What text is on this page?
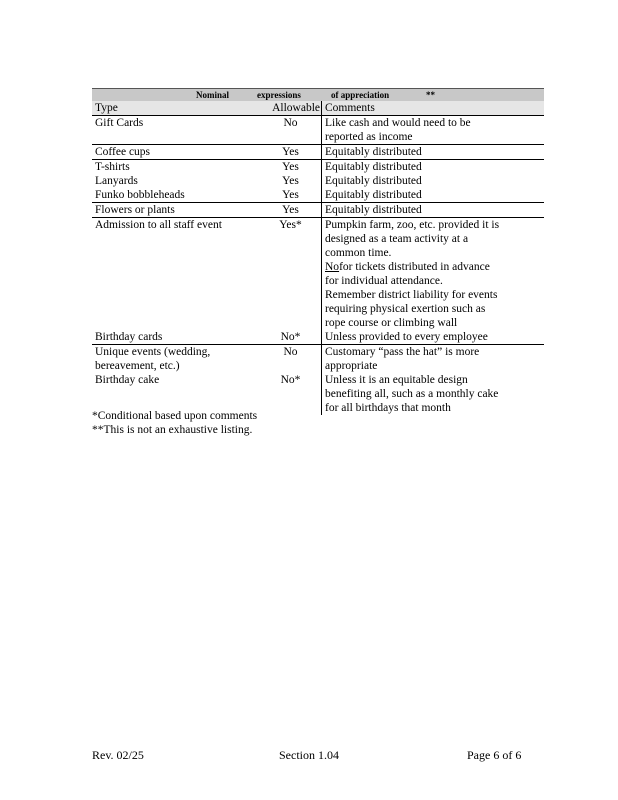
Nominal	expressions	of appreciation	**
Type	Allowable Comments
Gift Cards	No	Like cash and would need to be
reported as income
Coffee cups	Yes	Equitably distributed
T-shirts	Yes	Equitably distributed
Lanyards	Yes	Equitably distributed
Funko bobbleheads	Yes	Equitably distributed
Flowers or plants	Yes	Equitably distributed
Admission to all staff event	Yes*	Pumpkin farm, zoo, etc. provided it is
designed as a team activity at a
common time.
Nofor tickets distributed in advance
for individual attendance.
Remember district liability for events
requiring physical exertion such as
rope course or climbing wall
Birthday cards	No*	Unless provided to every employee
Unique events (wedding,
bereavement, etc.)
No	Customary “pass the hat” is more
appropriate
Birthday cake	No*	Unless it is an equitable design
benefiting all, such as a monthly cake
for all birthdays that month
*Conditional based upon comments
**This is not an exhaustive listing.
Rev. 02/25	Section 1.04	Page 6 of 6
